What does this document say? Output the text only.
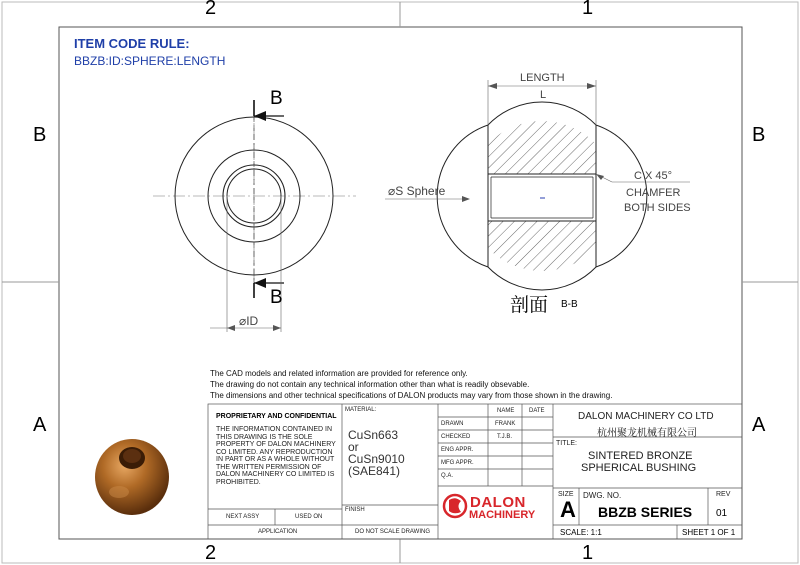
2	1
2	1
B
A
B
A
ITEM CODE RULE:
BBZB:ID:SPHERE:LENGTH
B
B
⌀ID
LENGTH
L
⌀S Sphere
C X 45°
CHAMFER
BOTH SIDES
剖面 B-B
The CAD models and related information are provided for reference only.
The drawing do not contain any technical information other than what is readily obsevable.
The dimensions and other technical specifications of DALON products may vary from those shown in the drawing.
PROPRIETARY AND CONFIDENTIAL
THE INFORMATION CONTAINED IN THIS DRAWING IS THE SOLE PROPERTY OF DALON MACHINERY CO LIMITED. ANY REPRODUCTION IN PART OR AS A WHOLE WITHOUT THE WRITTEN PERMISSION OF DALON MACHINERY CO LIMITED IS PROHIBITED.
NEXT ASSY	USED ON
APPLICATION
MATERIAL:
CuSn663
or
CuSn9010
(SAE841)
FINISH
DO NOT SCALE DRAWING
NAME DATE
DRAWN	FRANK
CHECKED	T.J.B.
ENG APPR.
MFG APPR.
Q.A.
DALON
MACHINERY
DALON MACHINERY CO LTD
杭州聚龙机械有限公司
TITLE:
SINTERED BRONZE
SPHERICAL BUSHING
SIZE
A
DWG. NO.
BBZB SERIES
REV
01
SCALE: 1:1	SHEET 1 OF 1
